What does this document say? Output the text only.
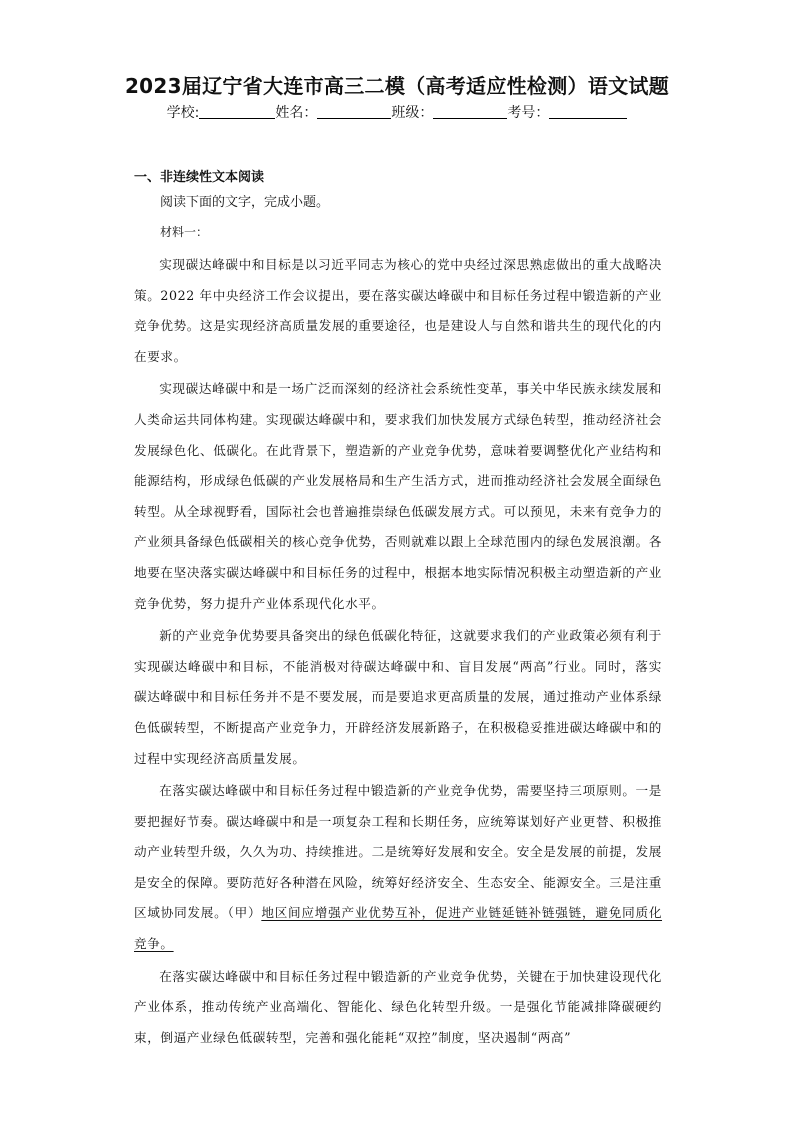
2023届辽宁省大连市高三二模（高考适应性检测）语文试题
学校:	姓名：	班级：	考号：
一、非连续性文本阅读
阅读下面的文字，完成小题。
材料一：

实现碳达峰碳中和目标是以习近平同志为核心的党中央经过深思熟虑做出的重大战略决策。2022 年中央经济工作会议提出，要在落实碳达峰碳中和目标任务过程中锻造新的产业竞争优势。这是实现经济高质量发展的重要途径，也是建设人与自然和谐共生的现代化的内在要求。

实现碳达峰碳中和是一场广泛而深刻的经济社会系统性变革，事关中华民族永续发展和人类命运共同体构建。实现碳达峰碳中和，要求我们加快发展方式绿色转型，推动经济社会发展绿色化、低碳化。在此背景下，塑造新的产业竞争优势，意味着要调整优化产业结构和能源结构，形成绿色低碳的产业发展格局和生产生活方式，进而推动经济社会发展全面绿色转型。从全球视野看，国际社会也普遍推崇绿色低碳发展方式。可以预见，未来有竞争力的产业须具备绿色低碳相关的核心竞争优势，否则就难以跟上全球范围内的绿色发展浪潮。各地要在坚决落实碳达峰碳中和目标任务的过程中，根据本地实际情况积极主动塑造新的产业竞争优势，努力提升产业体系现代化水平。

新的产业竞争优势要具备突出的绿色低碳化特征，这就要求我们的产业政策必须有利于实现碳达峰碳中和目标，不能消极对待碳达峰碳中和、盲目发展“两高”行业。同时，落实碳达峰碳中和目标任务并不是不要发展，而是要追求更高质量的发展，通过推动产业体系绿色低碳转型，不断提高产业竞争力，开辟经济发展新路子，在积极稳妥推进碳达峰碳中和的过程中实现经济高质量发展。

在落实碳达峰碳中和目标任务过程中锻造新的产业竞争优势，需要坚持三项原则。一是要把握好节奏。碳达峰碳中和是一项复杂工程和长期任务，应统筹谋划好产业更替、积极推动产业转型升级，久久为功、持续推进。二是统筹好发展和安全。安全是发展的前提，发展是安全的保障。要防范好各种潜在风险，统筹好经济安全、生态安全、能源安全。三是注重区域协同发展。（甲）地区间应增强产业优势互补，促进产业链延链补链强链，避免同质化竞争。

在落实碳达峰碳中和目标任务过程中锻造新的产业竞争优势，关键在于加快建设现代化产业体系，推动传统产业高端化、智能化、绿色化转型升级。一是强化节能减排降碳硬约束，倒逼产业绿色低碳转型，完善和强化能耗“双控”制度，坚决遏制“两高”
